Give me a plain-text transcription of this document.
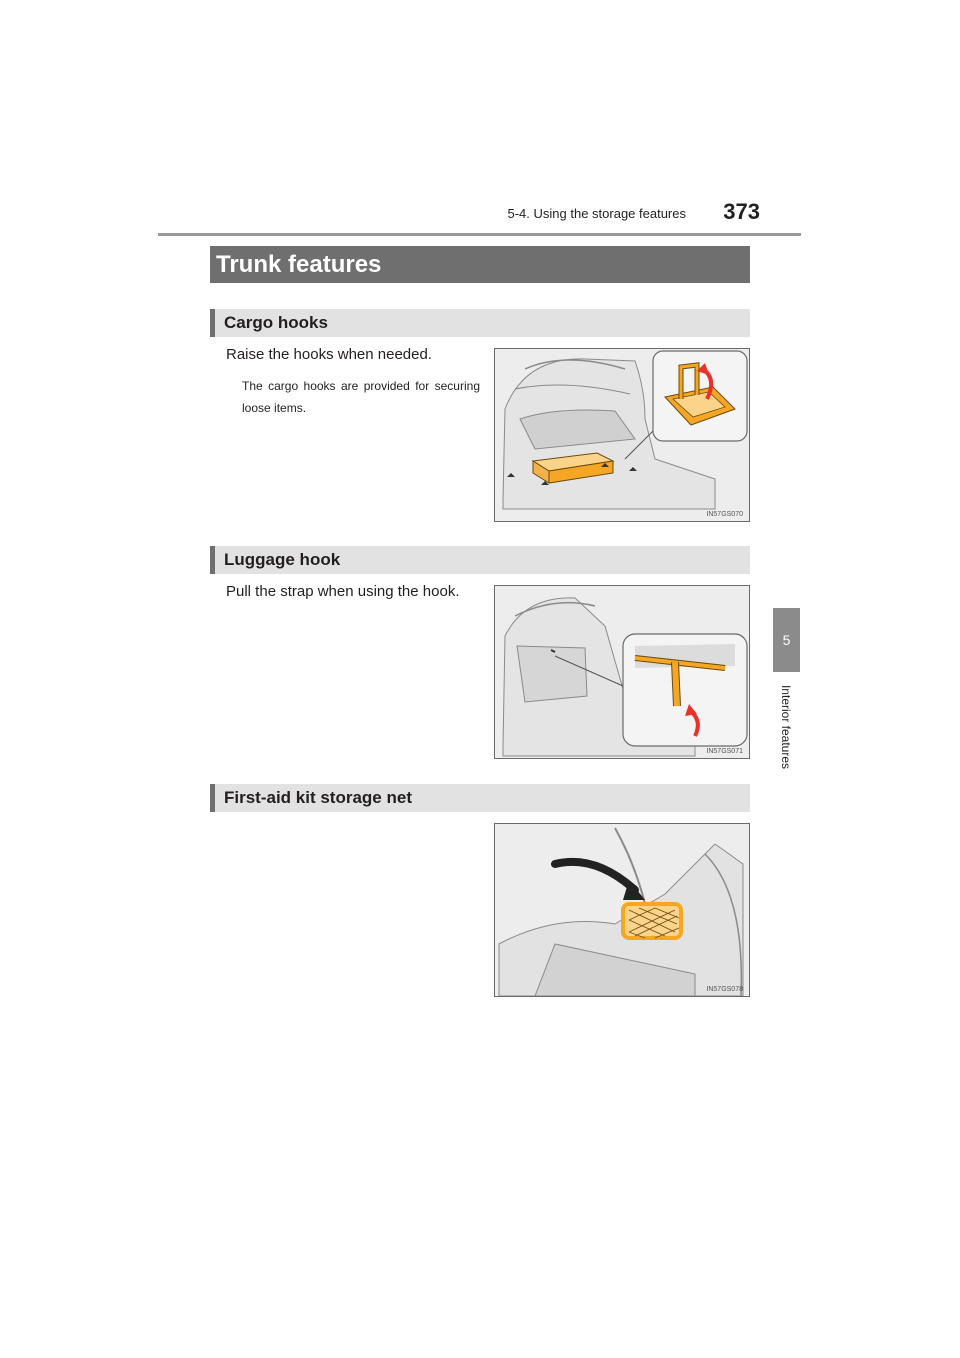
5-4. Using the storage features	373
5
Interior features
Trunk features
Cargo hooks
Raise the hooks when needed.
The cargo hooks are provided for securing loose items.
IN57GS070
Luggage hook
Pull the strap when using the hook.
IN57GS071
First-aid kit storage net
IN57GS078
